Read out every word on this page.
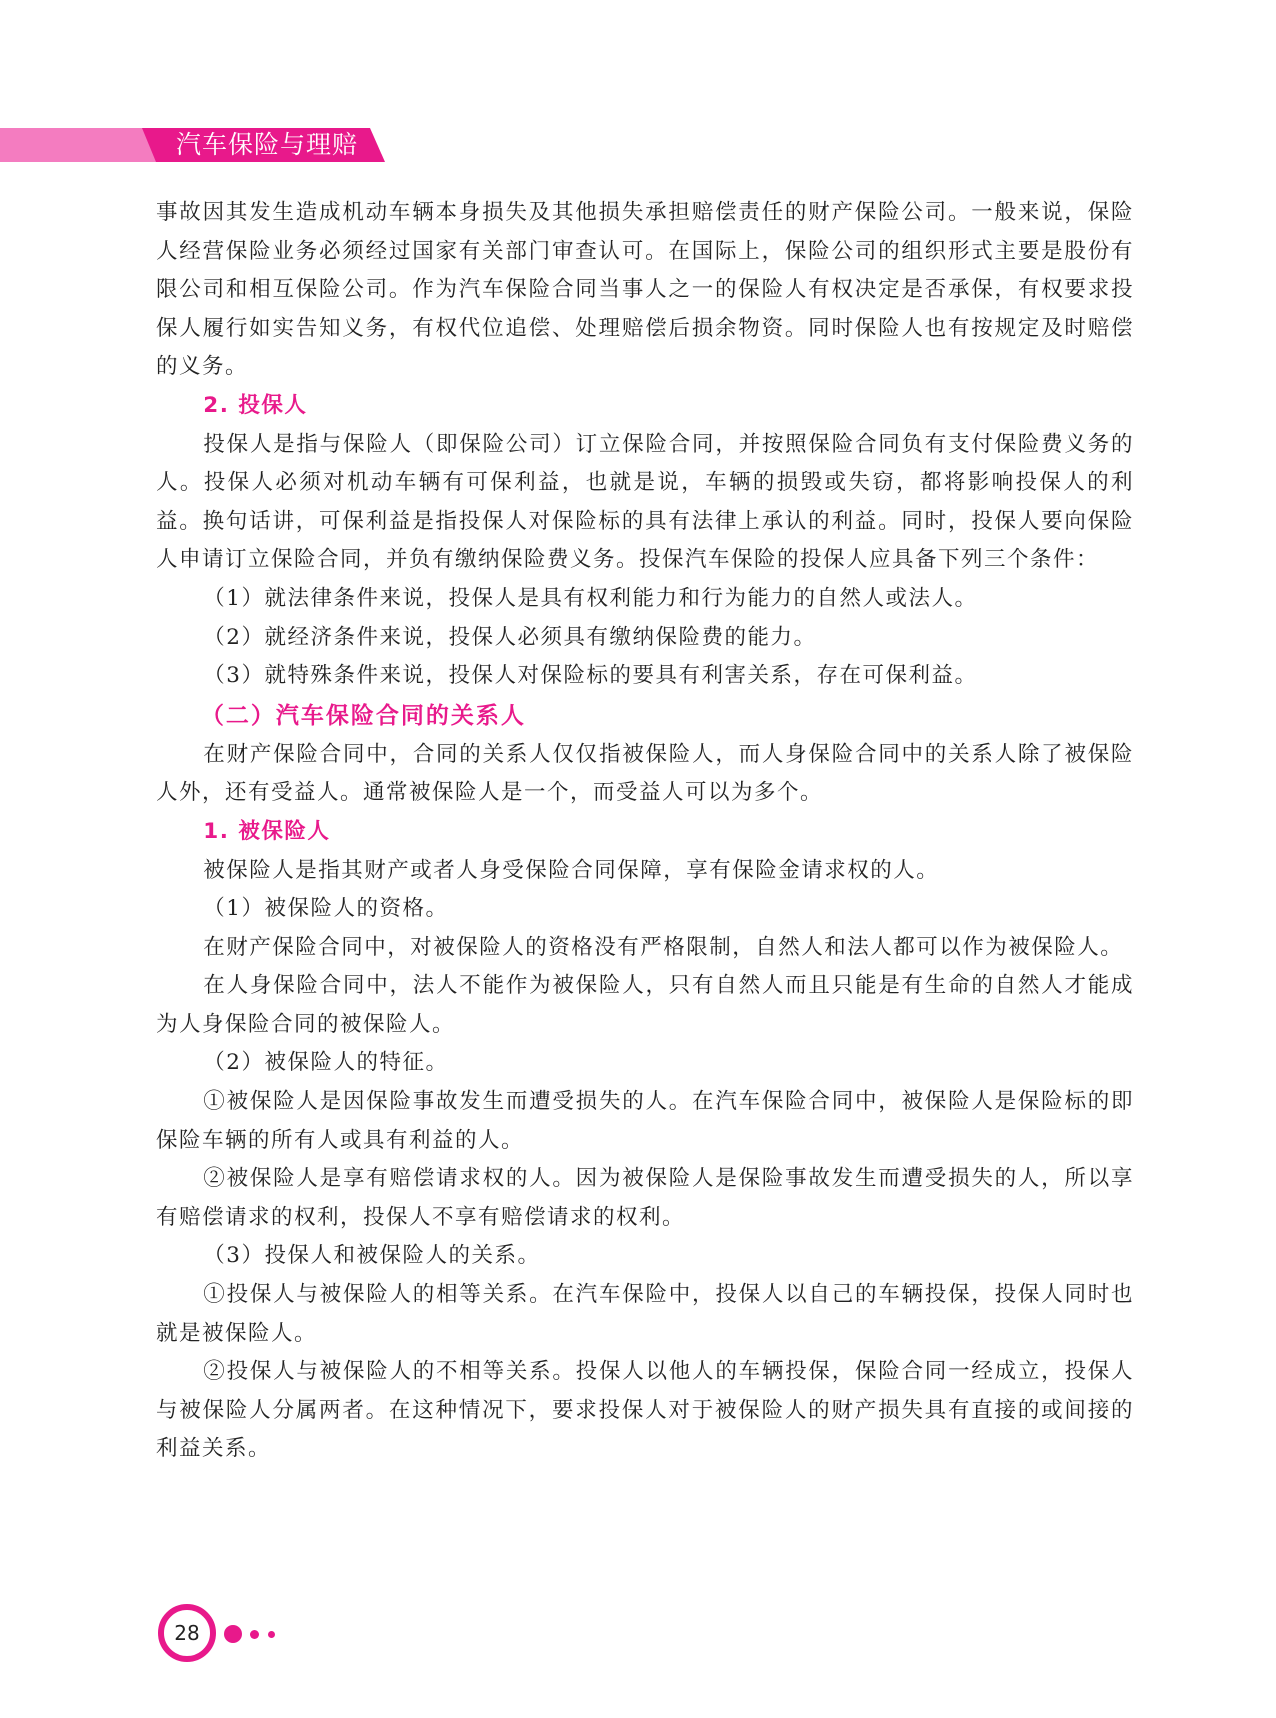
汽车保险与理赔

事故因其发生造成机动车辆本身损失及其他损失承担赔偿责任的财产保险公司。一般来说，保险人经营保险业务必须经过国家有关部门审查认可。在国际上，保险公司的组织形式主要是股份有限公司和相互保险公司。作为汽车保险合同当事人之一的保险人有权决定是否承保，有权要求投保人履行如实告知义务，有权代位追偿、处理赔偿后损余物资。同时保险人也有按规定及时赔偿的义务。

2. 投保人

投保人是指与保险人（即保险公司）订立保险合同，并按照保险合同负有支付保险费义务的人。投保人必须对机动车辆有可保利益，也就是说，车辆的损毁或失窃，都将影响投保人的利益。换句话讲，可保利益是指投保人对保险标的具有法律上承认的利益。同时，投保人要向保险人申请订立保险合同，并负有缴纳保险费义务。投保汽车保险的投保人应具备下列三个条件：

（1）就法律条件来说，投保人是具有权利能力和行为能力的自然人或法人。

（2）就经济条件来说，投保人必须具有缴纳保险费的能力。

（3）就特殊条件来说，投保人对保险标的要具有利害关系，存在可保利益。

（二）汽车保险合同的关系人

在财产保险合同中，合同的关系人仅仅指被保险人，而人身保险合同中的关系人除了被保险人外，还有受益人。通常被保险人是一个，而受益人可以为多个。

1. 被保险人

被保险人是指其财产或者人身受保险合同保障，享有保险金请求权的人。

（1）被保险人的资格。

在财产保险合同中，对被保险人的资格没有严格限制，自然人和法人都可以作为被保险人。

在人身保险合同中，法人不能作为被保险人，只有自然人而且只能是有生命的自然人才能成为人身保险合同的被保险人。

（2）被保险人的特征。

①被保险人是因保险事故发生而遭受损失的人。在汽车保险合同中，被保险人是保险标的即保险车辆的所有人或具有利益的人。

②被保险人是享有赔偿请求权的人。因为被保险人是保险事故发生而遭受损失的人，所以享有赔偿请求的权利，投保人不享有赔偿请求的权利。

（3）投保人和被保险人的关系。

①投保人与被保险人的相等关系。在汽车保险中，投保人以自己的车辆投保，投保人同时也就是被保险人。

②投保人与被保险人的不相等关系。投保人以他人的车辆投保，保险合同一经成立，投保人与被保险人分属两者。在这种情况下，要求投保人对于被保险人的财产损失具有直接的或间接的利益关系。

28
